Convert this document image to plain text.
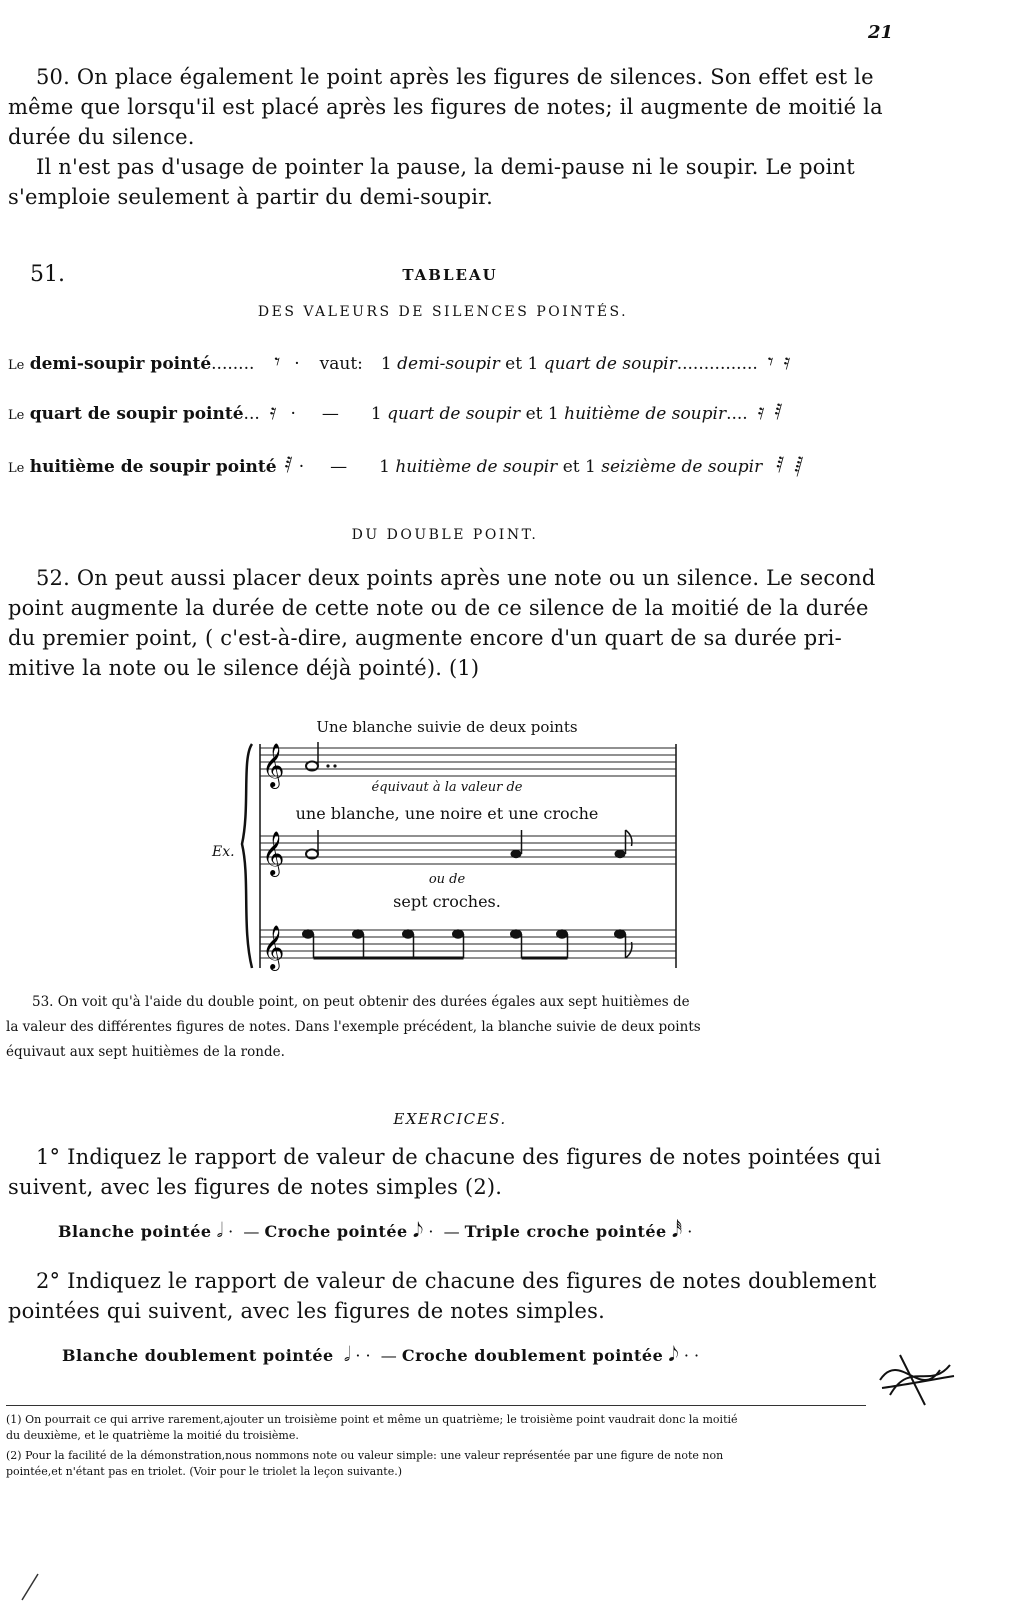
21
50. On place également le point après les figures de silences. Son effet est le
même que lorsqu'il est placé après les figures de notes; il augmente de moitié la
durée du silence.
Il n'est pas d'usage de pointer la pause, la demi-pause ni le soupir. Le point
s'emploie seulement à partir du demi-soupir.
51.	TABLEAU
DES VALEURS DE SILENCES POINTÉS.
Le
demi-soupir pointé ........ 𝄾 · vaut: 1
demi-soupir
et
1
quart de soupir ............... 𝄾 𝄿
Le
quart de soupir pointé ... 𝄿 · — 1
quart de soupir
et
1
huitième de soupir .... 𝄿 𝅀
Le
huitième de soupir pointé 𝅀 · — 1
huitième de soupir
et
1
seizième de soupir 𝅀 𝅁
DU DOUBLE POINT.
52. On peut aussi placer deux points après une note ou un silence. Le second
point augmente la durée de cette note ou de ce silence de la moitié de la durée
du premier point, ( c'est-à-dire, augmente encore d'un quart de sa durée pri-
mitive la note ou le silence déjà pointé). (1)
Une blanche suivie de deux points
Ex.
𝄞
𝄞
𝄞
équivaut à la valeur de
une blanche, une noire et une croche
ou de
sept croches.
53. On voit qu'à l'aide du double point, on peut obtenir des durées égales aux sept huitièmes de
la valeur des différentes figures de notes. Dans l'exemple précédent, la blanche suivie de deux points
équivaut aux sept huitièmes de la ronde.
EXERCICES.
1° Indiquez le rapport de valeur de chacune des figures de notes pointées qui
suivent, avec les figures de notes simples (2).
Blanche pointée 𝅗𝅥 ·  — Croche pointée 𝅘𝅥𝅮 ·  — Triple croche pointée 𝅘𝅥𝅰 ·
2° Indiquez le rapport de valeur de chacune des figures de notes doublement
pointées qui suivent, avec les figures de notes simples.
Blanche doublement pointée 𝅗𝅥 · ·  — Croche doublement pointée 𝅘𝅥𝅮 · ·
(1) On pourrait ce qui arrive rarement,ajouter un troisième point et même un quatrième; le troisième point vaudrait donc la moitié
du deuxième, et le quatrième la moitié du troisième.
(2) Pour la facilité de la démonstration,nous nommons note ou valeur simple: une valeur représentée par une figure de note non
pointée,et n'étant pas en triolet. (Voir pour le triolet la leçon suivante.)
